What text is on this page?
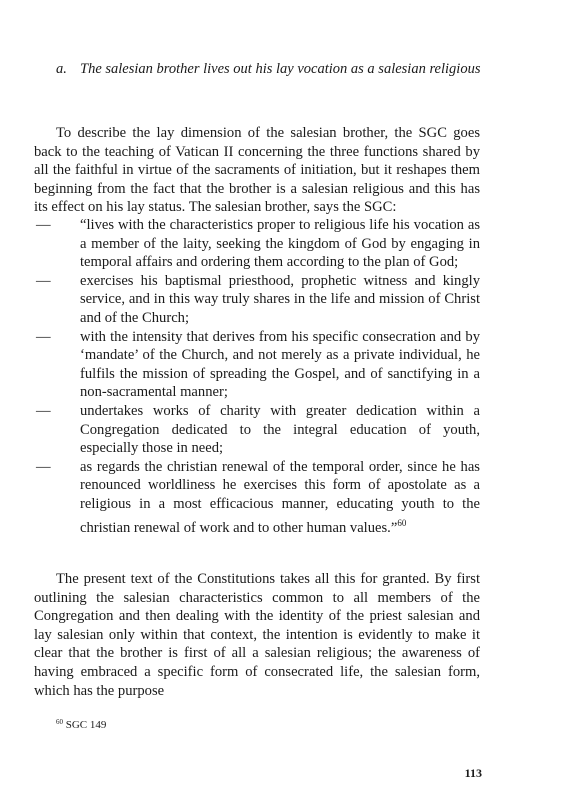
a. The salesian brother lives out his lay vocation as a salesian religious
To describe the lay dimension of the salesian brother, the SGC goes back to the teaching of Vatican II concerning the three functions shared by all the faithful in virtue of the sacraments of initiation, but it reshapes them beginning from the fact that the brother is a salesian religious and this has its effect on his lay status. The salesian brother, says the SGC:
— “lives with the characteristics proper to religious life his vocation as a member of the laity, seeking the kingdom of God by engaging in temporal affairs and ordering them according to the plan of God;
— exercises his baptismal priesthood, prophetic witness and kingly service, and in this way truly shares in the life and mission of Christ and of the Church;
— with the intensity that derives from his specific consecration and by ‘mandate’ of the Church, and not merely as a private individual, he fulfils the mission of spreading the Gospel, and of sanctifying in a non-sacramental manner;
— undertakes works of charity with greater dedication within a Congregation dedicated to the integral education of youth, especially those in need;
— as regards the christian renewal of the temporal order, since he has renounced worldliness he exercises this form of apostolate as a religious in a most efficacious manner, educating youth to the christian renewal of work and to other human values.”$^{60}$
The present text of the Constitutions takes all this for granted. By first outlining the salesian characteristics common to all members of the Congregation and then dealing with the identity of the priest salesian and lay salesian only within that context, the intention is evidently to make it clear that the brother is first of all a salesian religious; the awareness of having embraced a specific form of consecrated life, the salesian form, which has the purpose
$^{60}$ SGC 149
113
